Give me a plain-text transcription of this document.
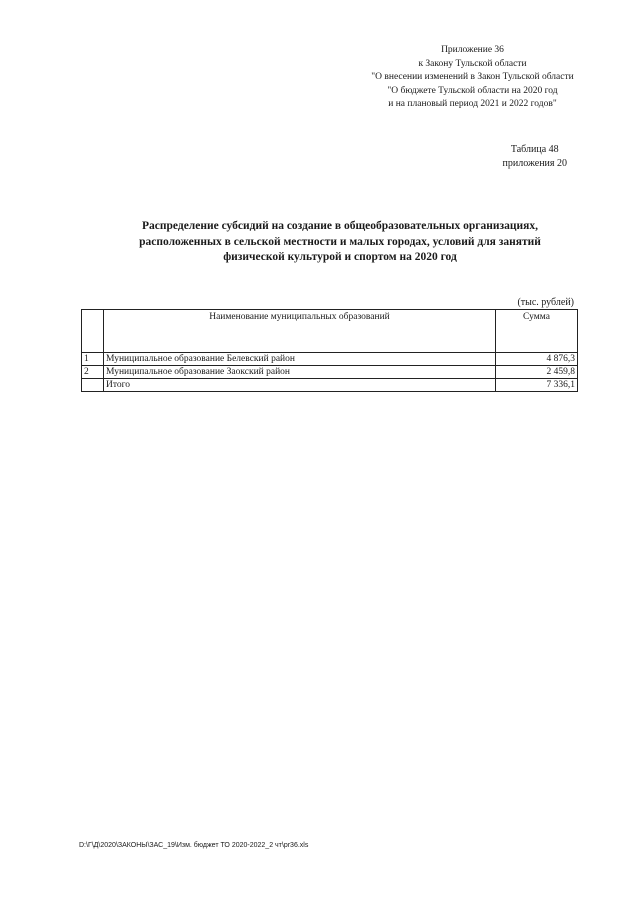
Приложение 36
к Закону Тульской области
"О внесении изменений в Закон Тульской области
"О бюджете Тульской области на 2020 год
и на плановый период 2021 и 2022 годов"
Таблица 48
приложения 20
Распределение субсидий на создание в общеобразовательных организациях,
расположенных в сельской местности и малых городах, условий для занятий
физической культурой и спортом на 2020 год
(тыс. рублей)
	Наименование муниципальных образований	Сумма
1	Муниципальное образование Белевский район	4 876,3
2	Муниципальное образование Заокский район	2 459,8
	Итого	7 336,1
D:\Г\Д\2020\ЗАКОНЫ\ЗАС_19\Изм. бюджет ТО 2020-2022_2 чт\pr36.xls
